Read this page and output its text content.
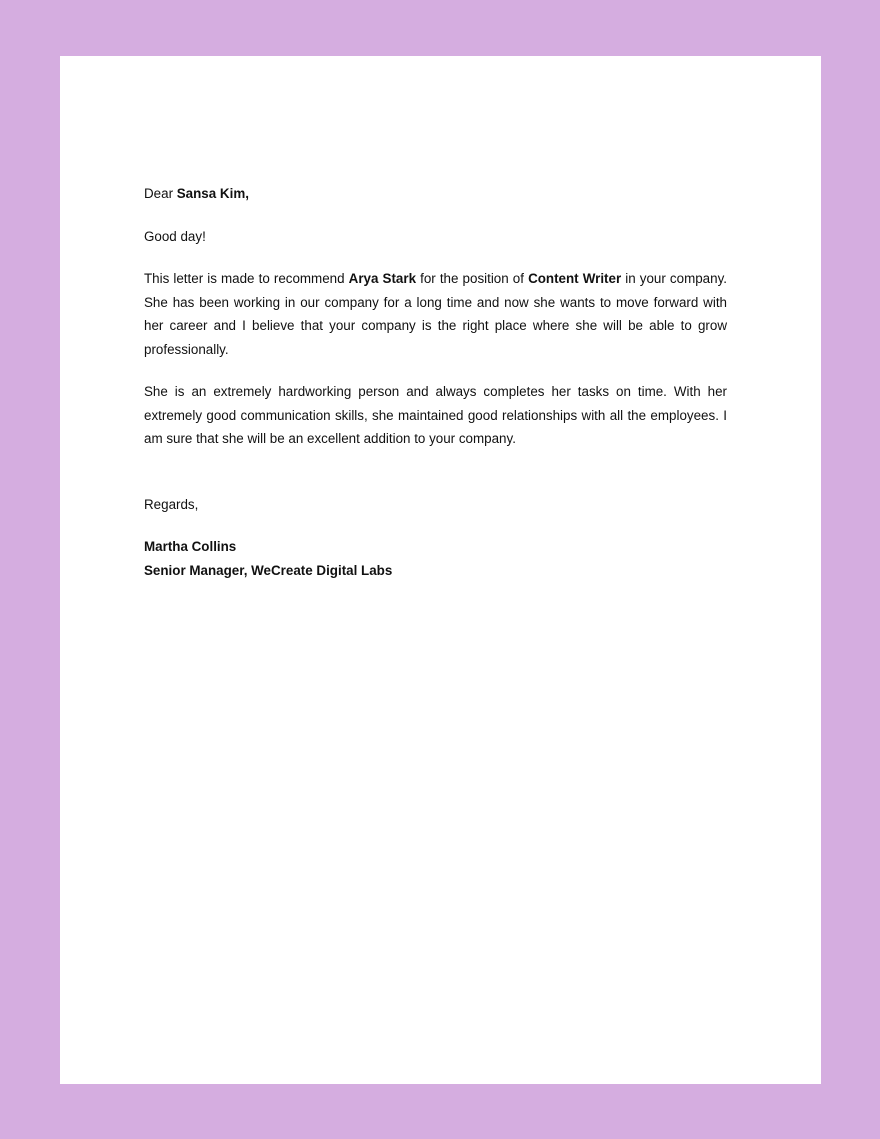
Dear Sansa Kim,

Good day!

This letter is made to recommend Arya Stark for the position of Content Writer in your company. She has been working in our company for a long time and now she wants to move forward with her career and I believe that your company is the right place where she will be able to grow professionally.

She is an extremely hardworking person and always completes her tasks on time. With her extremely good communication skills, she maintained good relationships with all the employees. I am sure that she will be an excellent addition to your company.

Regards,

Martha Collins

Senior Manager, WeCreate Digital Labs
